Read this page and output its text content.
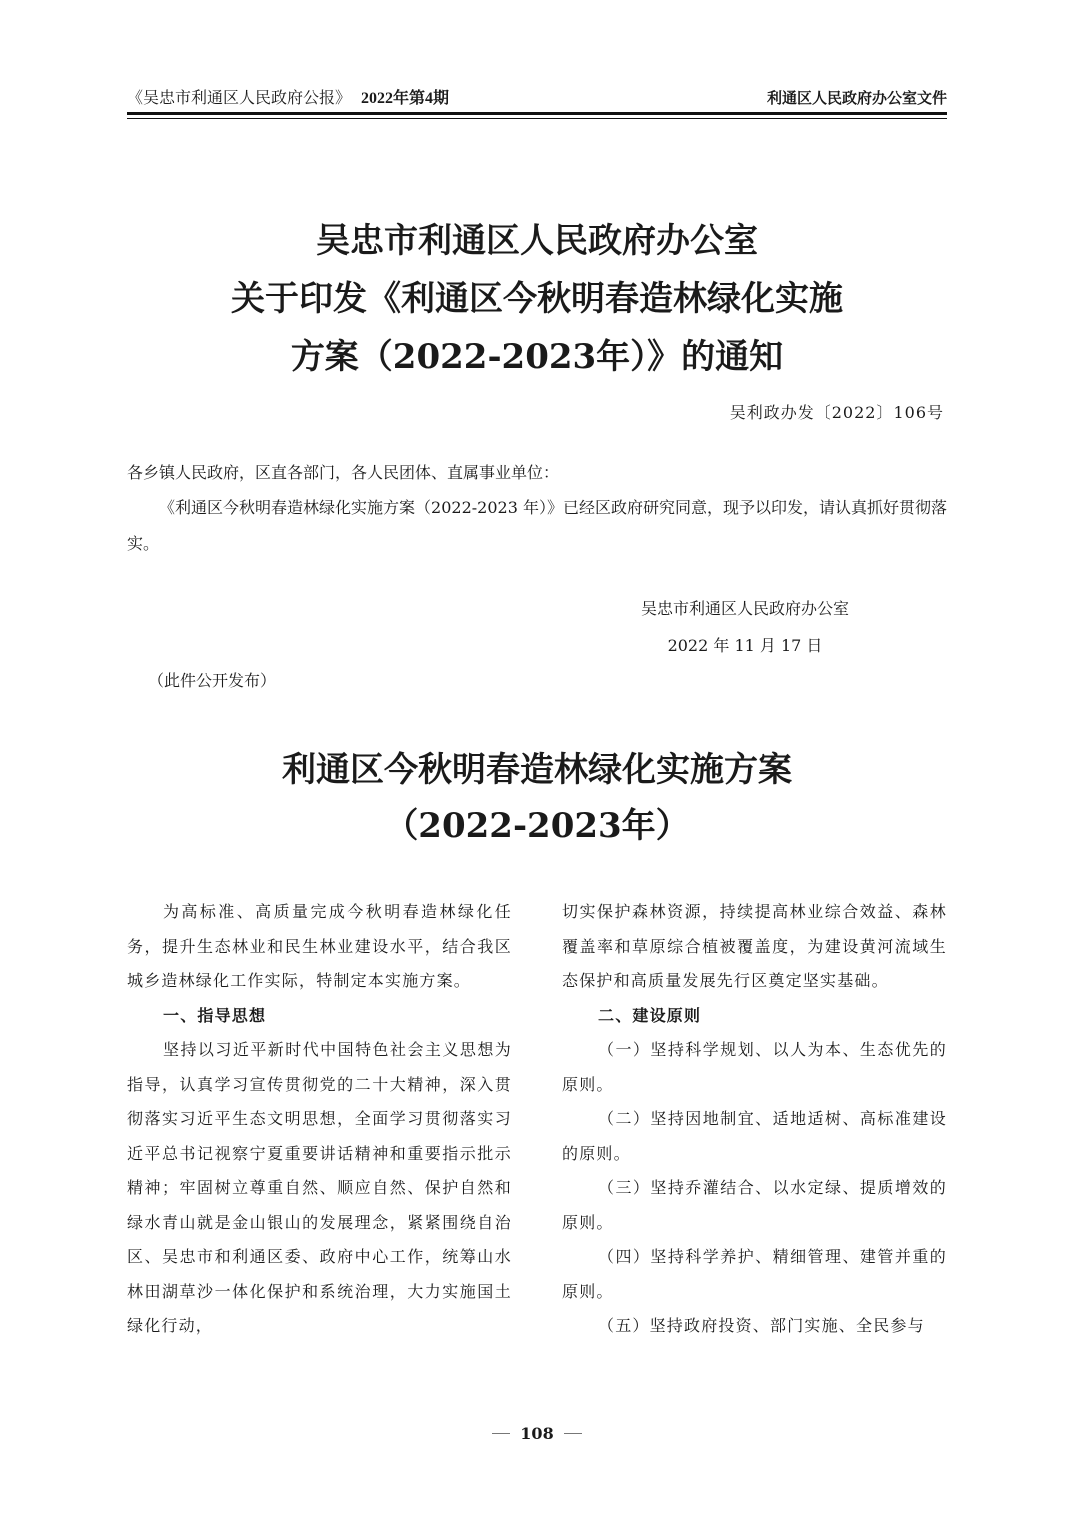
《吴忠市利通区人民政府公报》 2022年第4期	利通区人民政府办公室文件
吴忠市利通区人民政府办公室
关于印发《利通区今秋明春造林绿化实施
方案（2022-2023年）》的通知
吴利政办发〔2022〕106号
各乡镇人民政府，区直各部门，各人民团体、直属事业单位：
《利通区今秋明春造林绿化实施方案（2022-2023 年）》已经区政府研究同意，现予以印发，请认真抓好贯彻落实。
吴忠市利通区人民政府办公室
2022 年 11 月 17 日
（此件公开发布）
利通区今秋明春造林绿化实施方案
（2022-2023年）

为高标准、高质量完成今秋明春造林绿化任务，提升生态林业和民生林业建设水平，结合我区城乡造林绿化工作实际，特制定本实施方案。

一、指导思想

坚持以习近平新时代中国特色社会主义思想为指导，认真学习宣传贯彻党的二十大精神，深入贯彻落实习近平生态文明思想，全面学习贯彻落实习近平总书记视察宁夏重要讲话精神和重要指示批示精神；牢固树立尊重自然、顺应自然、保护自然和绿水青山就是金山银山的发展理念，紧紧围绕自治区、吴忠市和利通区委、政府中心工作，统筹山水林田湖草沙一体化保护和系统治理，大力实施国土绿化行动，

切实保护森林资源，持续提高林业综合效益、森林覆盖率和草原综合植被覆盖度，为建设黄河流域生态保护和高质量发展先行区奠定坚实基础。

二、建设原则

（一）坚持科学规划、以人为本、生态优先的原则。

（二）坚持因地制宜、适地适树、高标准建设的原则。

（三）坚持乔灌结合、以水定绿、提质增效的原则。

（四）坚持科学养护、精细管理、建管并重的原则。

（五）坚持政府投资、部门实施、全民参与

108
